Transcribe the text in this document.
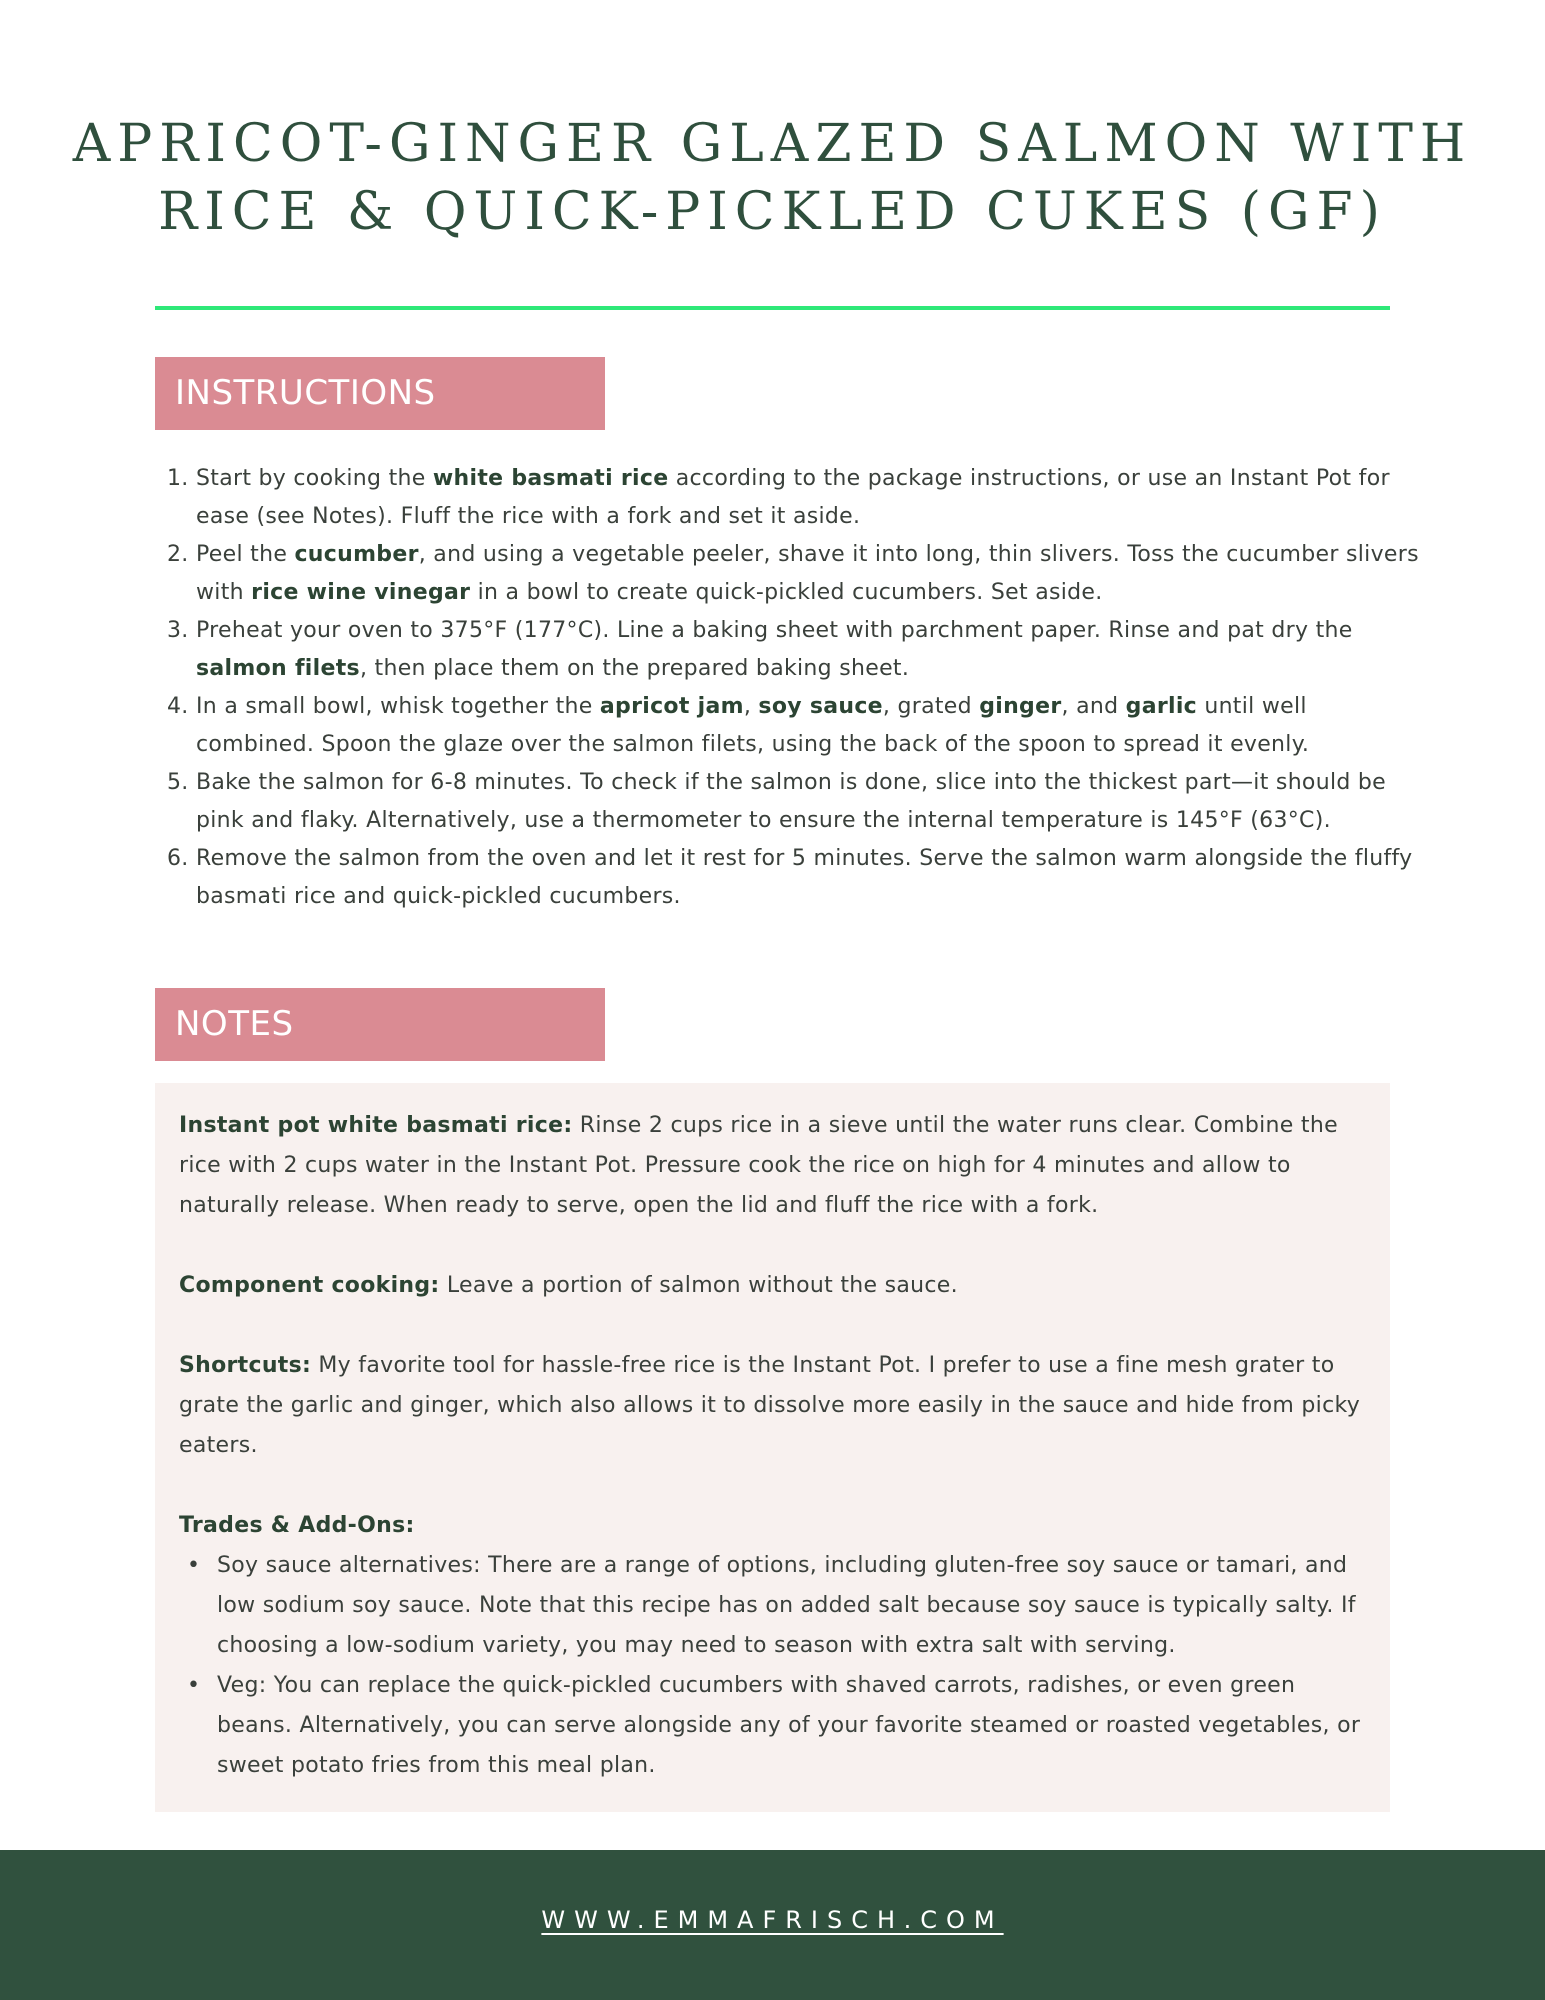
APRICOT-GINGER GLAZED SALMON WITH
RICE & QUICK-PICKLED CUKES (GF)
INSTRUCTIONS
1. Start by cooking the white basmati rice according to the package instructions, or use an Instant Pot for ease (see Notes). Fluff the rice with a fork and set it aside.
2. Peel the cucumber, and using a vegetable peeler, shave it into long, thin slivers. Toss the cucumber slivers with rice wine vinegar in a bowl to create quick-pickled cucumbers. Set aside.
3. Preheat your oven to 375°F (177°C). Line a baking sheet with parchment paper. Rinse and pat dry the salmon filets, then place them on the prepared baking sheet.
4. In a small bowl, whisk together the apricot jam, soy sauce, grated ginger, and garlic until well combined. Spoon the glaze over the salmon filets, using the back of the spoon to spread it evenly.
5. Bake the salmon for 6-8 minutes. To check if the salmon is done, slice into the thickest part—it should be pink and flaky. Alternatively, use a thermometer to ensure the internal temperature is 145°F (63°C).
6. Remove the salmon from the oven and let it rest for 5 minutes. Serve the salmon warm alongside the fluffy basmati rice and quick-pickled cucumbers.
NOTES

Instant pot white basmati rice: Rinse 2 cups rice in a sieve until the water runs clear. Combine the rice with 2 cups water in the Instant Pot. Pressure cook the rice on high for 4 minutes and allow to naturally release. When ready to serve, open the lid and fluff the rice with a fork.

Component cooking: Leave a portion of salmon without the sauce.

Shortcuts: My favorite tool for hassle-free rice is the Instant Pot. I prefer to use a fine mesh grater to grate the garlic and ginger, which also allows it to dissolve more easily in the sauce and hide from picky eaters.

Trades & Add-Ons:

• Soy sauce alternatives: There are a range of options, including gluten-free soy sauce or tamari, and low sodium soy sauce. Note that this recipe has on added salt because soy sauce is typically salty. If choosing a low-sodium variety, you may need to season with extra salt with serving.
• Veg: You can replace the quick-pickled cucumbers with shaved carrots, radishes, or even green beans. Alternatively, you can serve alongside any of your favorite steamed or roasted vegetables, or sweet potato fries from this meal plan.
WWW.EMMAFRISCH.COM
